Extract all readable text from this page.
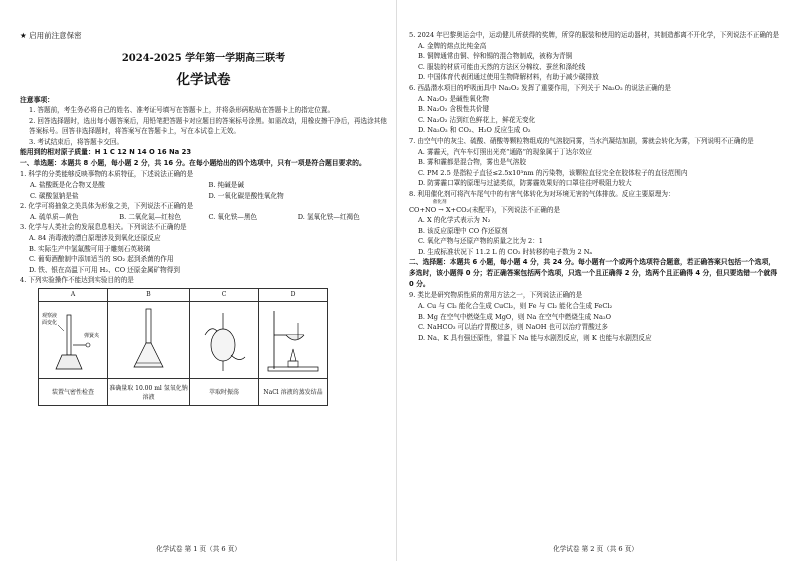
★ 启用前注意保密

2024-2025 学年第一学期高三联考

化学试卷

注意事项：

1. 答题前，考生务必将自己的姓名、准考证号填写在答题卡上，并将条形码粘贴在答题卡上的指定位置。

2. 回答选择题时，选出每小题答案后，用铅笔把答题卡对应题目的答案标号涂黑。如需改动，用橡皮擦干净后，再选涂其他答案标号。回答非选择题时，将答案写在答题卡上，写在本试卷上无效。

3. 考试结束后，将答题卡交回。

能用到的相对原子质量：H 1 C 12 N 14 O 16 Na 23

一、单选题：本题共 8 小题，每小题 2 分，共 16 分。在每小题给出的四个选项中，只有一项是符合题目要求的。

1. 科学的分类能够反映事物的本质特征，下述说法正确的是

A. 盐酸既是化合物又是酸	B. 纯碱是碱
C. 碳酸氢钠是盐	D. 一氧化碳是酸性氧化物

2. 化学可将抽象之美具体为形象之美，下列说法不正确的是

A. 硫单质—黄色	B. 二氧化氮—红棕色	C. 氧化铁—黑色	D. 氢氧化铁—红褐色

3. 化学与人类社会的发展息息相关。下列说法不正确的是

A. 84 消毒液的漂白原理涉及到氧化还原反应

B. 实际生产中氢氟酸可用于雕刻石英玻璃

C. 葡萄酒酿制中添加适当的 SO₂ 起到杀菌的作用

D. 铁、银在高温下可用 H₂、CO 还原金属矿物得到

4. 下列实验操作不能达到实验目的的是

A	B	C	D

观察液
面变化
弹簧夹

装置气密性检查	准确量取 10.00 ml 氢氧化钠溶液	萃取时振荡	NaCl 溶液的蒸发结晶
化学试卷 第 1 页（共 6 页）

5. 2024 年巴黎奥运会中，运动健儿所获得的奖牌，所穿的服装和使用的运动器材，其制造都离不开化学，下列说法不正确的是

A. 金牌的熔点比纯金高

B. 铜牌通常由铜、锌和锡的混合物制成，被称为青铜

C. 服装的材质可能由天然的方法区分棉纹、蚕丝和涤纶线

D. 中国体育代表团通过使用生物降解材料，有助于减少碳排放

6. 西晶潜水项目的呼吸面具中 Na₂O₂ 发挥了重要作用，下列关于 Na₂O₂ 的说法正确的是

A. Na₂O₂ 是碱性氧化物

B. Na₂O₂ 含极性共价键

C. Na₂O₂ 沾到红色鲜花上，鲜花无变化

D. Na₂O₂ 和 CO₂、H₂O 反应生成 O₂

7. 由空气中的灰尘、硫酸、硝酸等颗粒物组成的气溶胶同雾，当水汽凝结加剧，雾就会转化为雾，下列说明不正确的是

A. 雾霾天，汽车车灯照出光亮“通路”的现象属于丁达尔效应

B. 雾和霾都是混合物，雾也是气溶胶

C. PM 2.5 是指粒子直径≤2.5x10³nm 的污染物，该颗粒直径完全在胶体粒子的直径范围内

D. 防雾霾口罩的原理与过滤类似，防雾霾效果好的口罩往往呼吸阻力较大

8. 利用催化剂可将汽车尾气中的有害气体转化为对环境无害的气体排放。反应主要原理为：

催化剂

CO+NO → X+CO₂(未配平)，下列说法不正确的是

A. X 的化学式表示为 N₂

B. 该反应原理中 CO 作还原剂

C. 氧化产物与还原产物的质量之比为 2：1

D. 生成标准状况下 11.2 L 的 CO₂ 时转移的电子数为 2 Nₐ

二、选择题：本题共 6 小题，每小题 4 分，共 24 分。每小题有一个或两个选项符合题意，若正确答案只包括一个选项，多选时，该小题得 0 分；若正确答案包括两个选项，只选一个且正确得 2 分，选两个且正确得 4 分，但只要选错一个就得 0 分。

9. 类比是研究物质性质的常用方法之一，下列说法正确的是

A. Cu 与 Cl₂ 能化合生成 CuCl₂，则 Fe 与 Cl₂ 能化合生成 FeCl₂

B. Mg 在空气中燃烧生成 MgO，则 Na 在空气中燃烧生成 Na₂O

C. NaHCO₃ 可以治疗胃酸过多，则 NaOH 也可以治疗胃酸过多

D. Na、K 具有强还原性，常温下 Na 能与水剧烈反应，则 K 也能与水剧烈反应

化学试卷 第 2 页（共 6 页）
